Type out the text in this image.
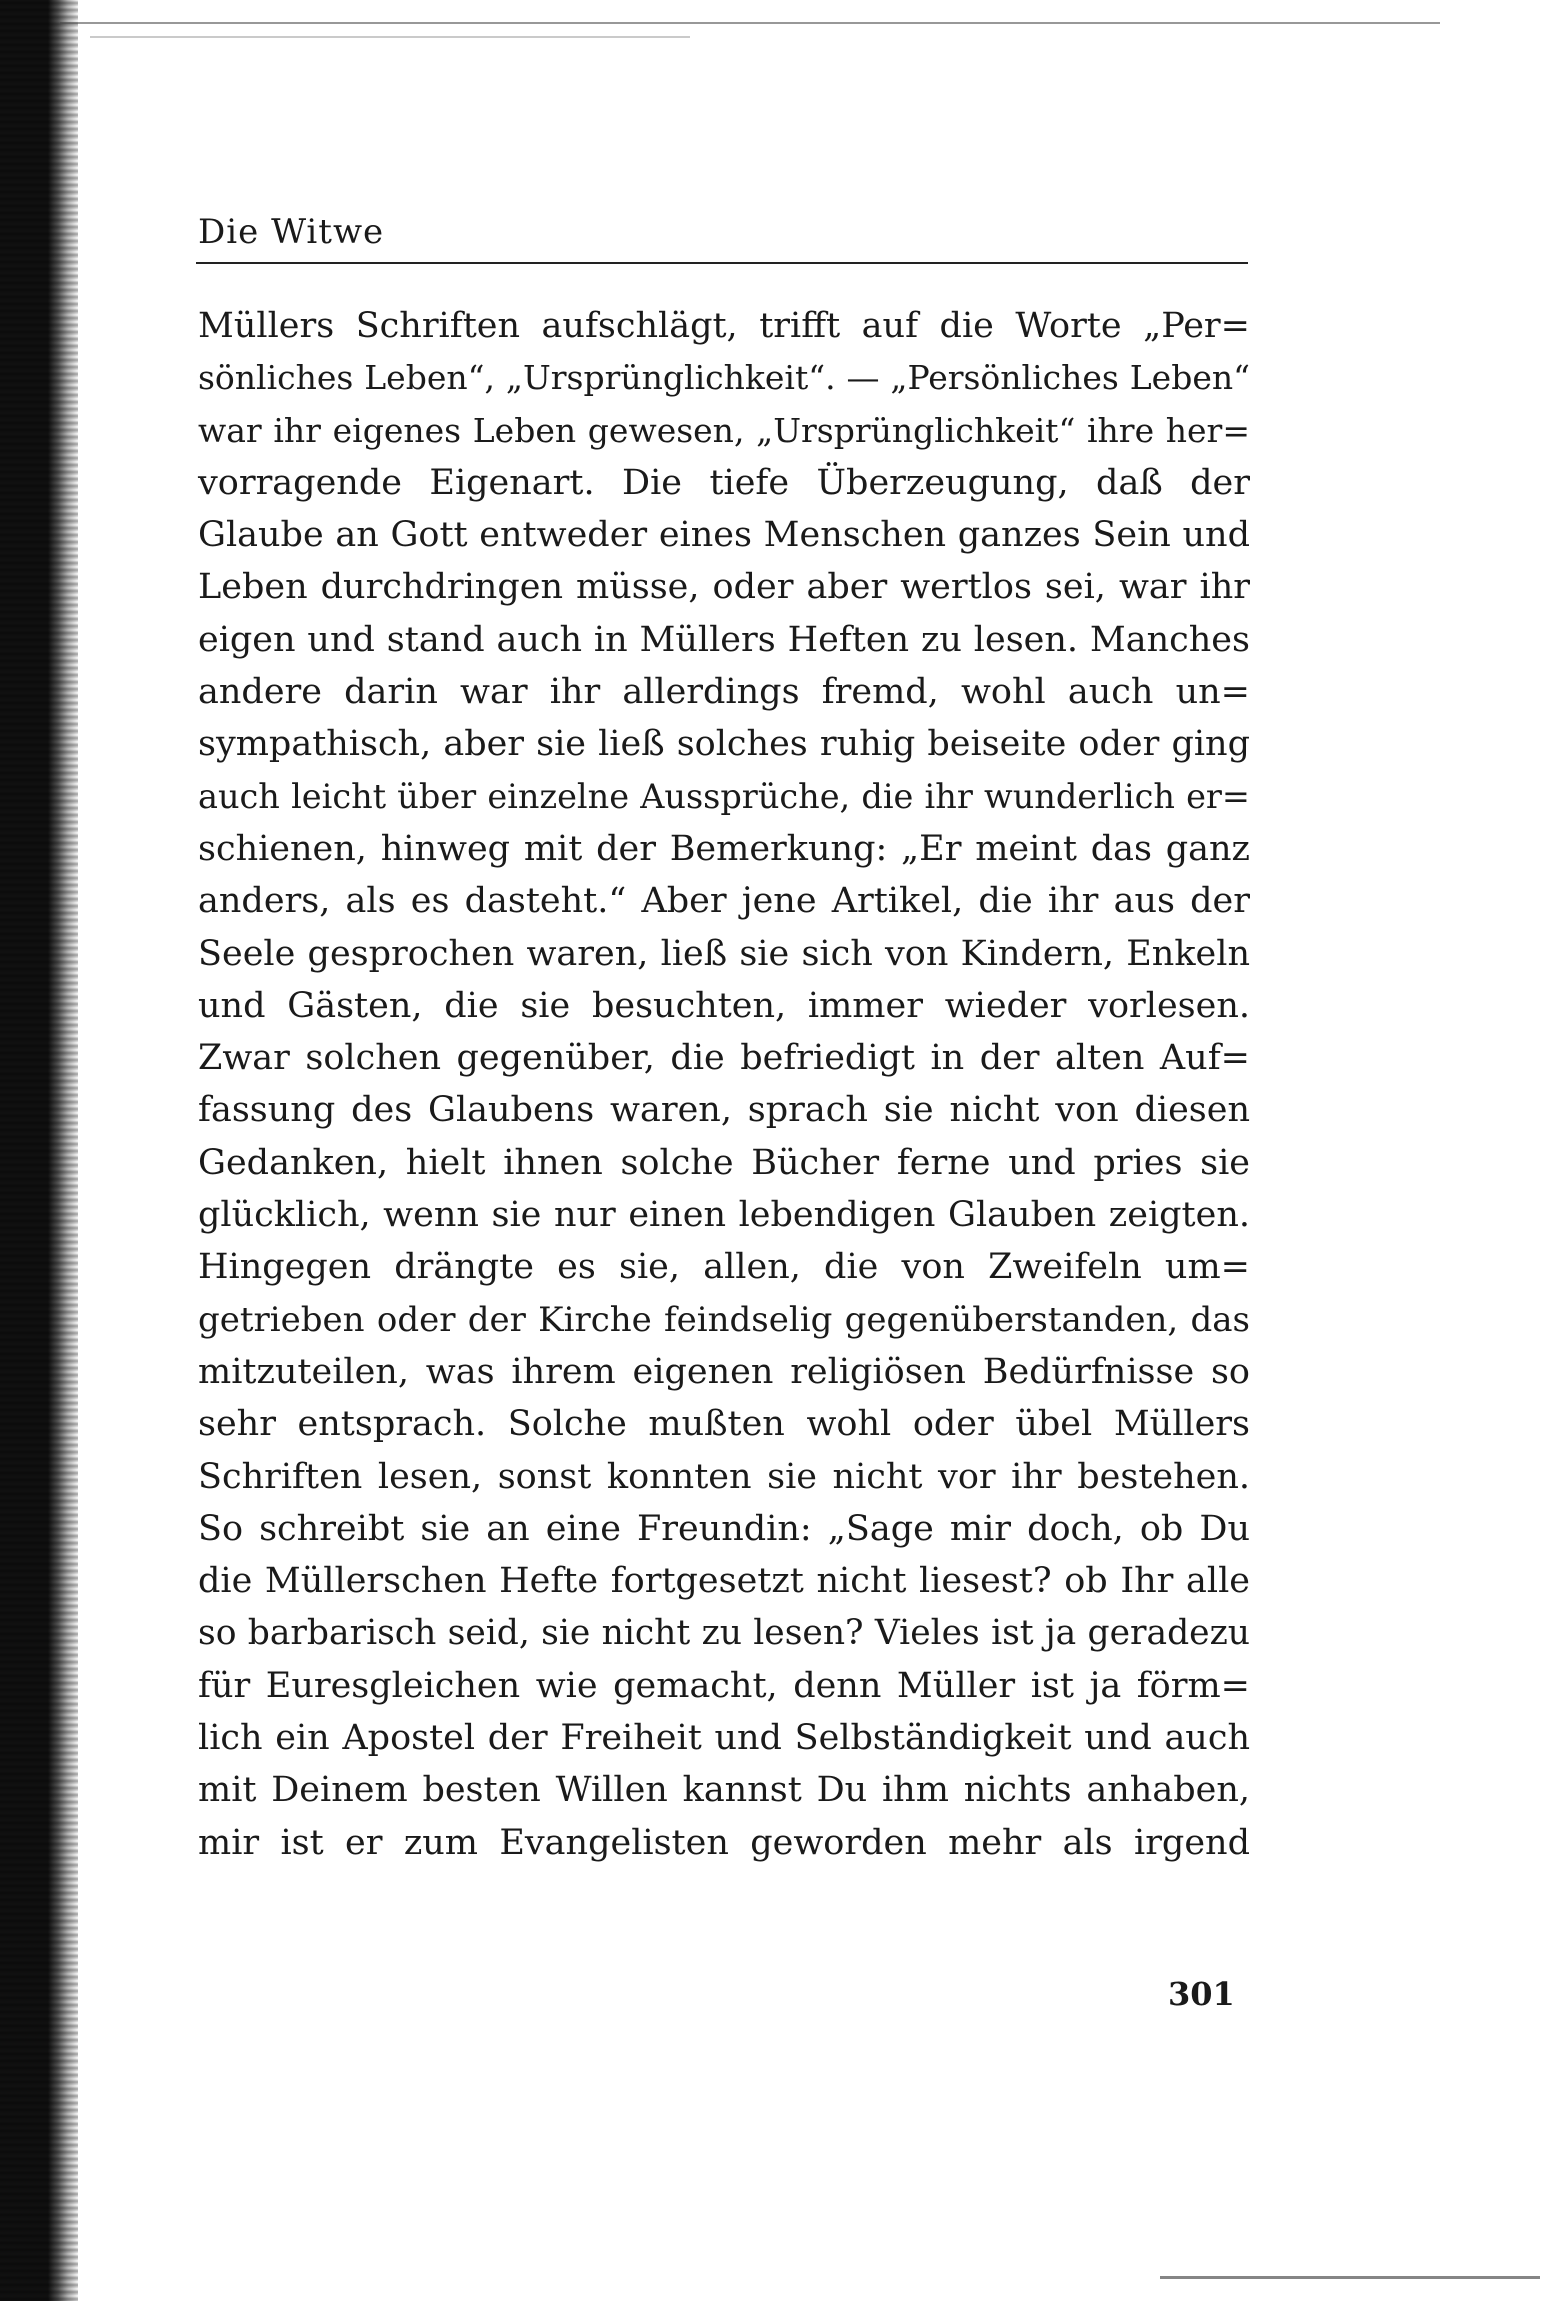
Die Witwe
Müllers Schriften aufschlägt, trifft auf die Worte „Per=
sönliches Leben“, „Ursprünglichkeit“. — „Persönliches Leben“
war ihr eigenes Leben gewesen, „Ursprünglichkeit“ ihre her=
vorragende Eigenart. Die tiefe Überzeugung, daß der
Glaube an Gott entweder eines Menschen ganzes Sein und
Leben durchdringen müsse, oder aber wertlos sei, war ihr
eigen und stand auch in Müllers Heften zu lesen. Manches
andere darin war ihr allerdings fremd, wohl auch un=
sympathisch, aber sie ließ solches ruhig beiseite oder ging
auch leicht über einzelne Aussprüche, die ihr wunderlich er=
schienen, hinweg mit der Bemerkung: „Er meint das ganz
anders, als es dasteht.“ Aber jene Artikel, die ihr aus der
Seele gesprochen waren, ließ sie sich von Kindern, Enkeln
und Gästen, die sie besuchten, immer wieder vorlesen.
Zwar solchen gegenüber, die befriedigt in der alten Auf=
fassung des Glaubens waren, sprach sie nicht von diesen
Gedanken, hielt ihnen solche Bücher ferne und pries sie
glücklich, wenn sie nur einen lebendigen Glauben zeigten.
Hingegen drängte es sie, allen, die von Zweifeln um=
getrieben oder der Kirche feindselig gegenüberstanden, das
mitzuteilen, was ihrem eigenen religiösen Bedürfnisse so
sehr entsprach. Solche mußten wohl oder übel Müllers
Schriften lesen, sonst konnten sie nicht vor ihr bestehen.
So schreibt sie an eine Freundin: „Sage mir doch, ob Du
die Müllerschen Hefte fortgesetzt nicht liesest? ob Ihr alle
so barbarisch seid, sie nicht zu lesen? Vieles ist ja geradezu
für Euresgleichen wie gemacht, denn Müller ist ja förm=
lich ein Apostel der Freiheit und Selbständigkeit und auch
mit Deinem besten Willen kannst Du ihm nichts anhaben,
mir ist er zum Evangelisten geworden mehr als irgend
301
